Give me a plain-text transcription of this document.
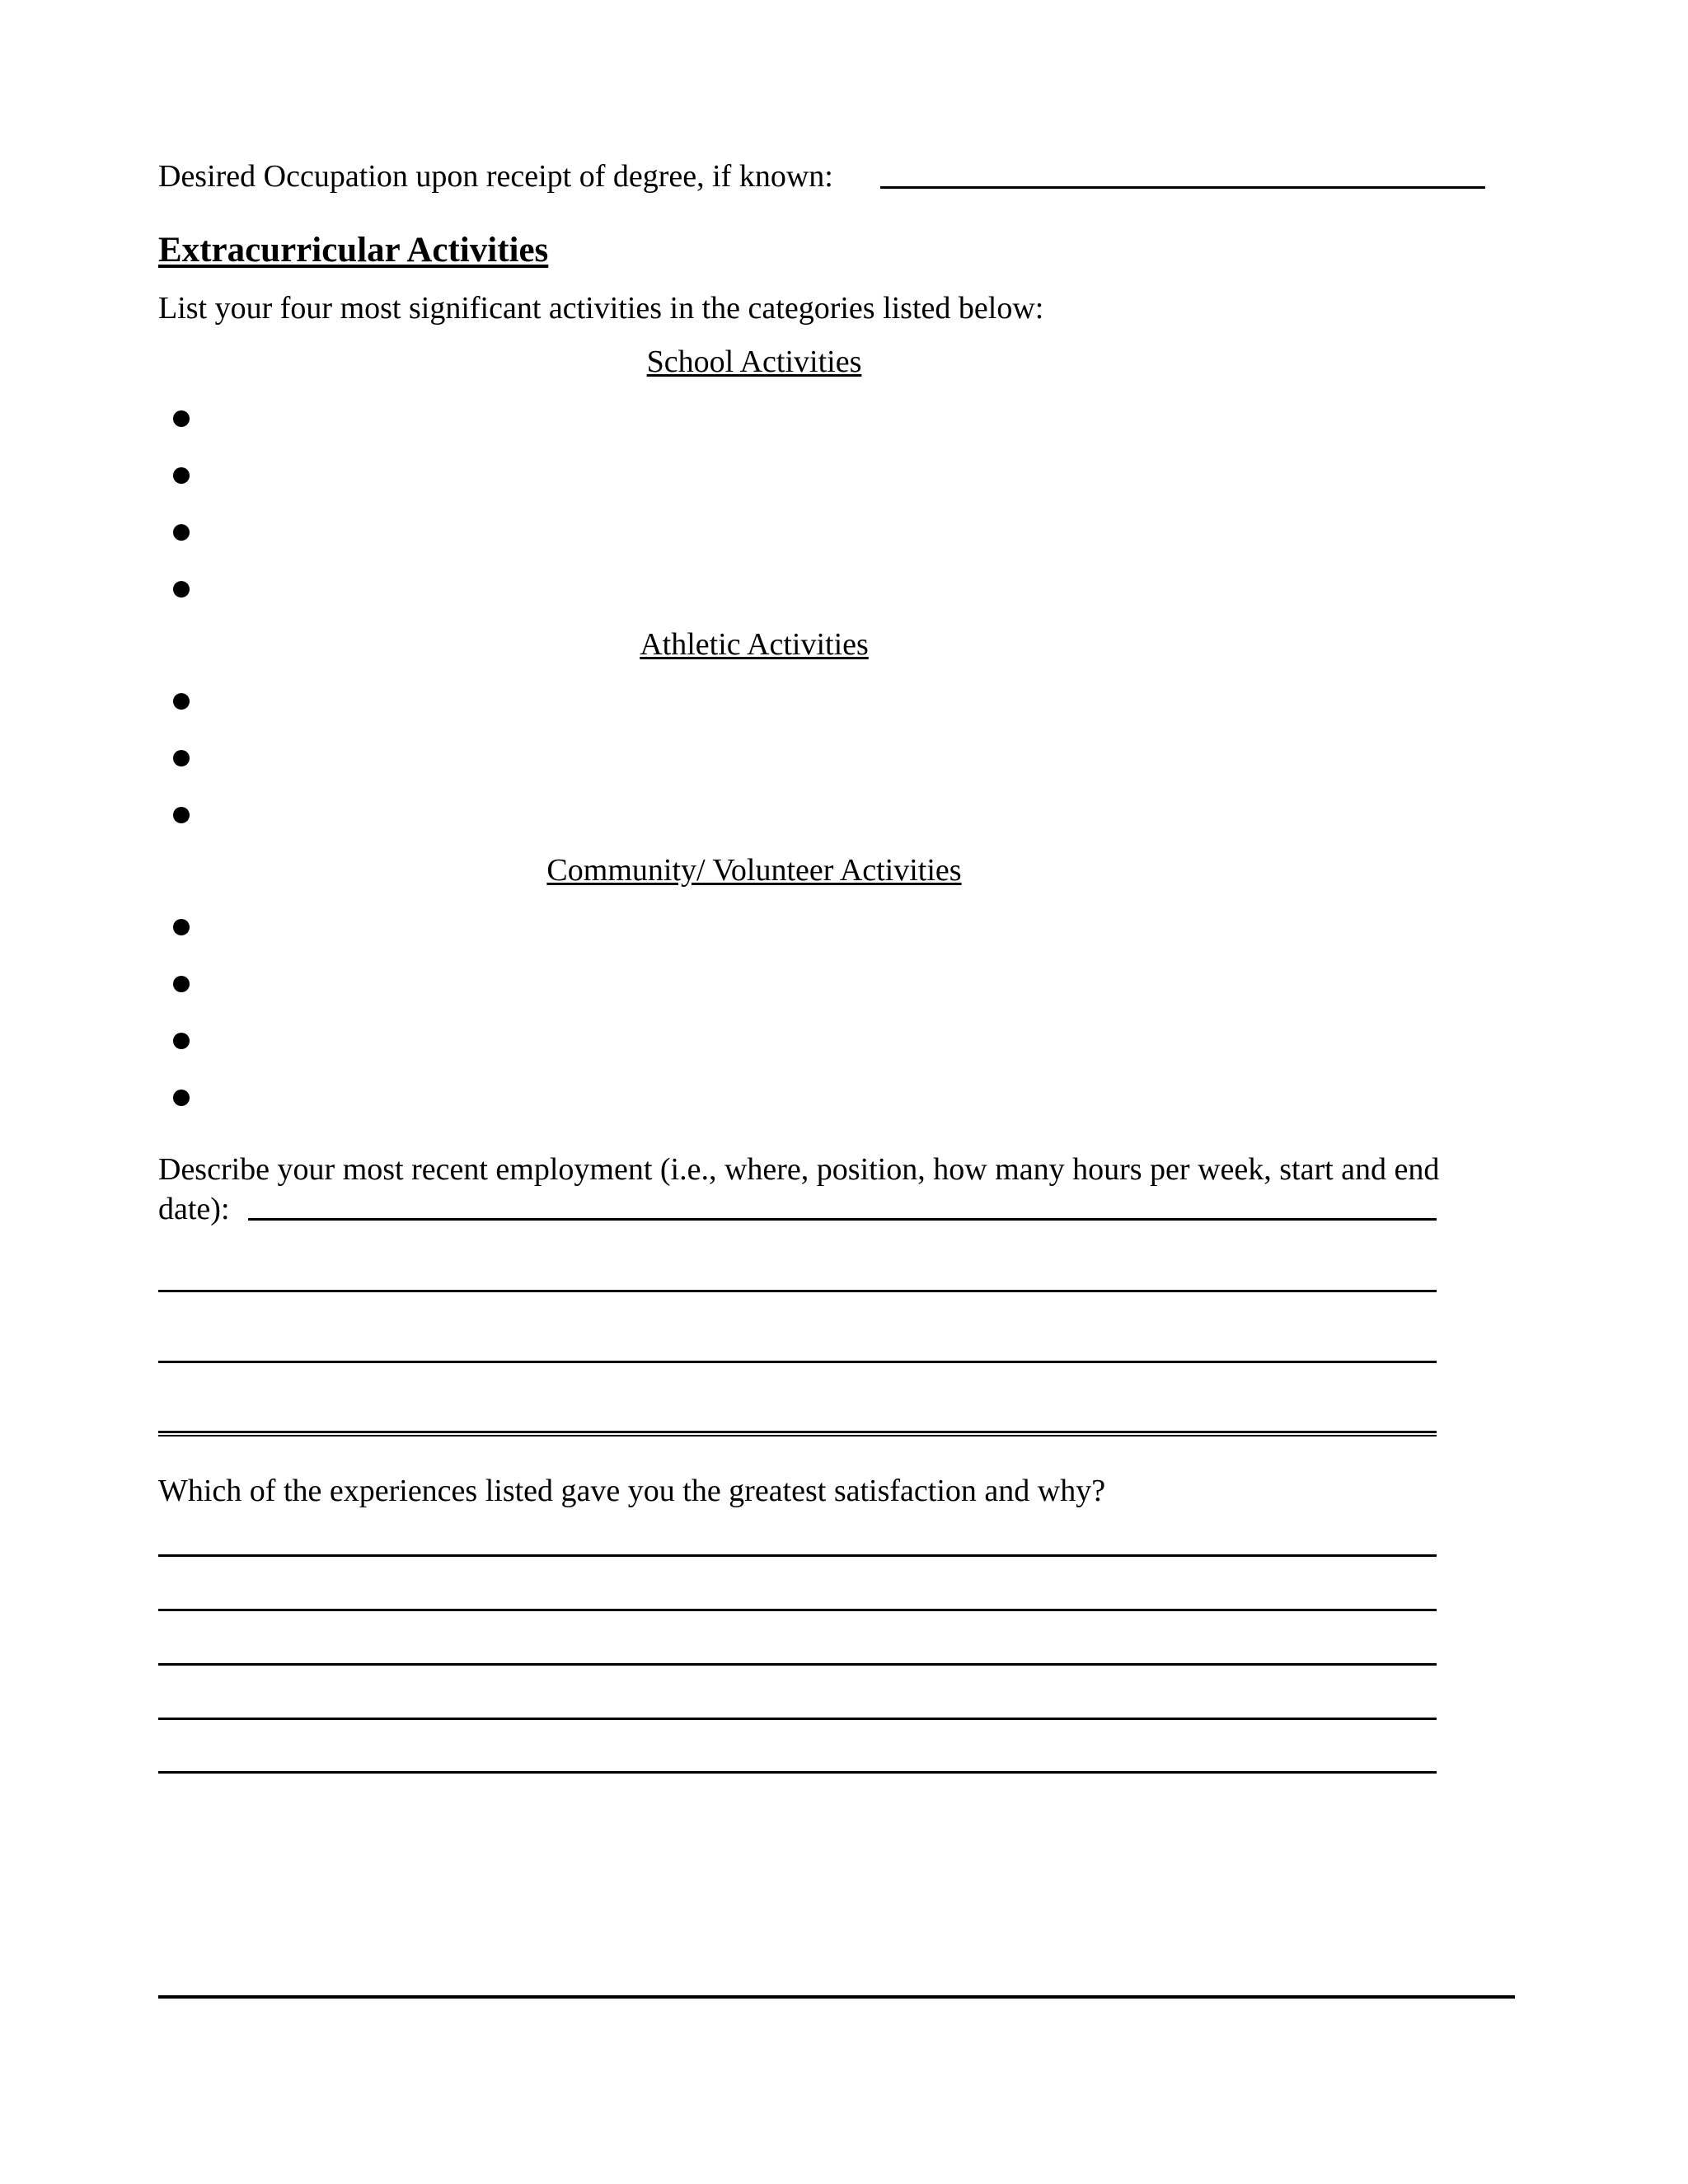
Desired Occupation upon receipt of degree, if known:
Extracurricular Activities
List your four most significant activities in the categories listed below:
School Activities
Athletic Activities
Community/ Volunteer Activities
Describe your most recent employment (i.e., where, position, how many hours per week, start and end
date):
Which of the experiences listed gave you the greatest satisfaction and why?
